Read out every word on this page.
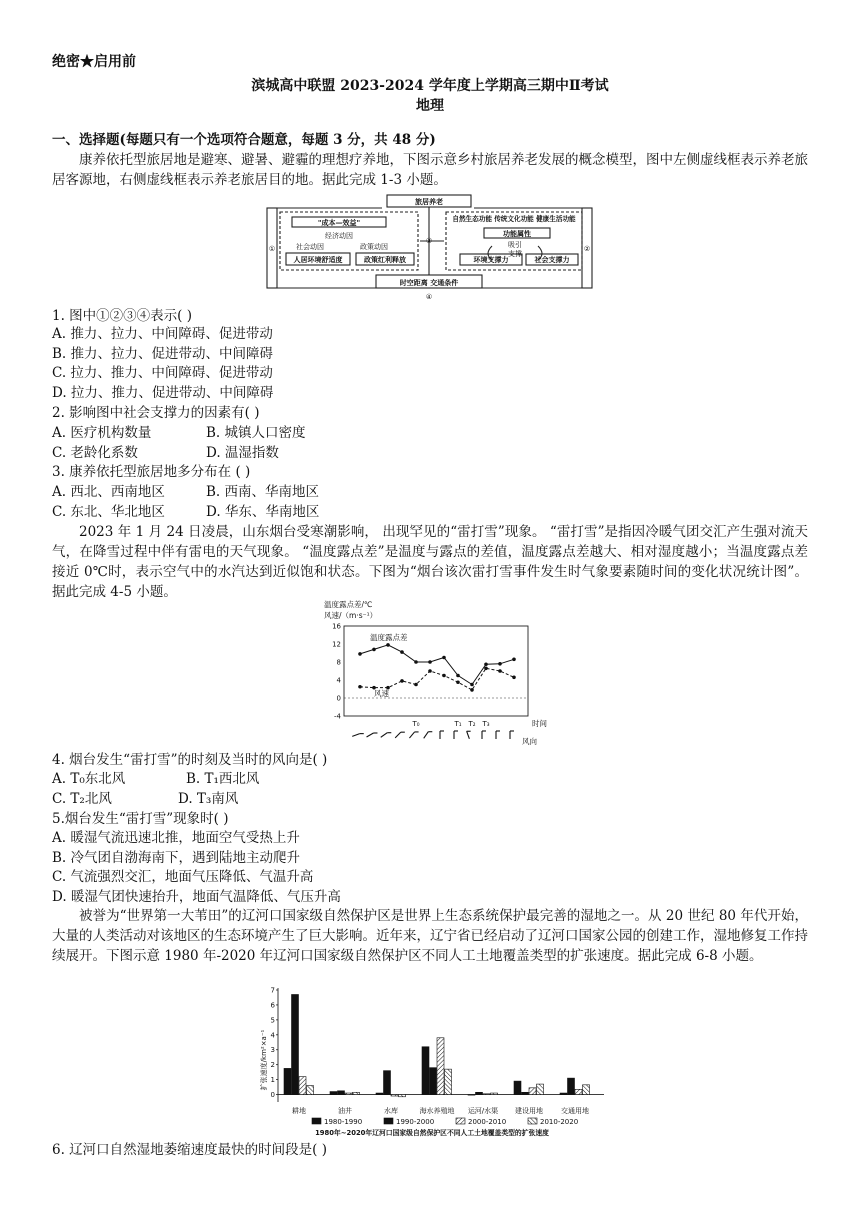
绝密★启用前
滨城高中联盟 2023-2024 学年度上学期高三期中Ⅱ考试
地理
一、选择题(每题只有一个选项符合题意，每题 3 分，共 48 分)
康养依托型旅居地是避寒、避暑、避霾的理想疗养地，下图示意乡村旅居养老发展的概念模型，图中左侧虚线框表示养老旅居客源地，右侧虚线框表示养老旅居目的地。据此完成 1-3 小题。
旅居养老
时空距离 交通条件
①	②
③
④
"成本—效益"
经济动因
社会动因	政策动因
人居环境舒适度	政策红利释放
自然生态功能 传统文化功能 健康生活功能
功能属性
吸引
支撑
环境支撑力	社会支撑力
1. 图中①②③④表示( )
A. 推力、拉力、中间障碍、促进带动
B. 推力、拉力、促进带动、中间障碍
C. 拉力、推力、中间障碍、促进带动
D. 拉力、推力、促进带动、中间障碍
2. 影响图中社会支撑力的因素有( )
A. 医疗机构数量	B. 城镇人口密度
C. 老龄化系数	D. 温湿指数
3. 康养依托型旅居地多分布在 ( )
A. 西北、西南地区	B. 西南、华南地区
C. 东北、华北地区	D. 华东、华南地区
2023 年 1 月 24 日凌晨，山东烟台受寒潮影响， 出现罕见的“雷打雪”现象。 “雷打雪”是指因冷暖气团交汇产生强对流天气，在降雪过程中伴有雷电的天气现象。 “温度露点差”是温度与露点的差值，温度露点差越大、相对湿度越小；当温度露点差接近 0℃时，表示空气中的水汽达到近似饱和状态。下图为“烟台该次雷打雪事件发生时气象要素随时间的变化状况统计图”。据此完成 4-5 小题。
温度露点差/℃
风速/（m·s⁻¹）
16
12
8
4
0
-4
温度露点差
风速
T₀	T₁ T₂ T₃	时间
风向
4. 烟台发生“雷打雪”的时刻及当时的风向是( )
A. T₀东北风	B. T₁西北风
C. T₂北风	D. T₃南风
5.烟台发生“雷打雪”现象时( )
A. 暖湿气流迅速北推，地面空气受热上升
B. 冷气团自渤海南下，遇到陆地主动爬升
C. 气流强烈交汇，地面气压降低、气温升高
D. 暖湿气团快速抬升，地面气温降低、气压升高
被誉为“世界第一大苇田”的辽河口国家级自然保护区是世界上生态系统保护最完善的湿地之一。从 20 世纪 80 年代开始， 大量的人类活动对该地区的生态环境产生了巨大影响。近年来，辽宁省已经启动了辽河口国家公园的创建工作，湿地修复工作持续展开。下图示意 1980 年-2020 年辽河口国家级自然保护区不同人工土地覆盖类型的扩张速度。据此完成 6-8 小题。
扩张速度/km²×a⁻¹
7
6
5
4
3
2
1
0
耕地	油井	水库	海水养殖地 运河/水渠 建设用地	交通用地
1980-1990	1990-2000	2000-2010	2010-2020
1980年~2020年辽河口国家级自然保护区不同人工土地覆盖类型的扩张速度
6. 辽河口自然湿地萎缩速度最快的时间段是( )
